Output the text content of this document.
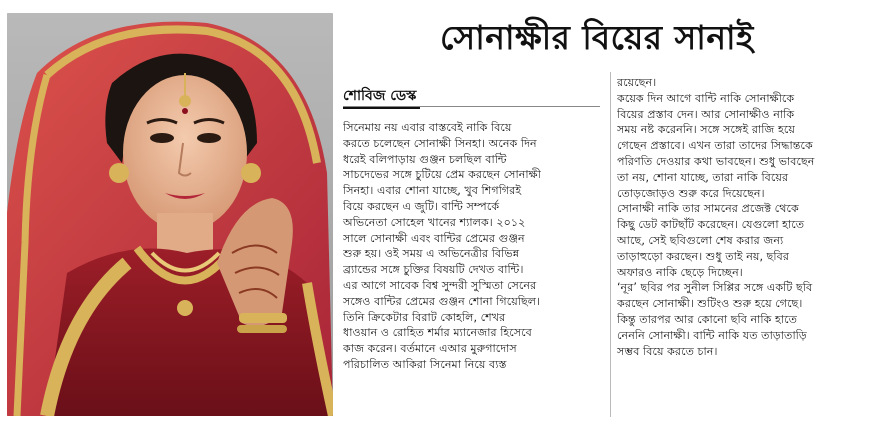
সোনাক্ষীর বিয়ের সানাই
শোবিজ ডেস্ক
সিনেমায় নয় এবার বাস্তবেই নাকি বিয়ে
করতে চলেছেন সোনাক্ষী সিনহা। অনেক দিন
ধরেই বলিপাড়ায় গুঞ্জন চলছিল বান্টি
সাচদেভের সঙ্গে চুটিয়ে প্রেম করছেন সোনাক্ষী
সিনহা। এবার শোনা যাচ্ছে, খুব শিগগিরই
বিয়ে করছেন এ জুটি। বান্টি সম্পর্কে
অভিনেতা সোহেল খানের শ্যালক। ২০১২
সালে সোনাক্ষী এবং বান্টির প্রেমের গুঞ্জন
শুরু হয়। ওই সময় এ অভিনেত্রীর বিভিন্ন
ব্র্যান্ডের সঙ্গে চুক্তির বিষয়টি দেখত বান্টি।
এর আগে সাবেক বিশ্ব সুন্দরী সুস্মিতা সেনের
সঙ্গেও বান্টির প্রেমের গুঞ্জন শোনা গিয়েছিল।
তিনি ক্রিকেটার বিরাট কোহলি, শেখর
ধাওয়ান ও রোহিত শর্মার ম্যানেজার হিসেবে
কাজ করেন। বর্তমানে এআর মুরুগাদোস
পরিচালিত আকিরা সিনেমা নিয়ে ব্যস্ত
রয়েছেন।
কয়েক দিন আগে বান্টি নাকি সোনাক্ষীকে
বিয়ের প্রস্তাব দেন। আর সোনাক্ষীও নাকি
সময় নষ্ট করেননি। সঙ্গে সঙ্গেই রাজি হয়ে
গেছেন প্রস্তাবে। এখন তারা তাদের সিদ্ধান্তকে
পরিণতি দেওয়ার কথা ভাবছেন। শুধু ভাবছেন
তা নয়, শোনা যাচ্ছে, তারা নাকি বিয়ের
তোড়জোড়ও শুরু করে দিয়েছেন।
সোনাক্ষী নাকি তার সামনের প্রজেক্ট থেকে
কিছু ডেট কাটছাঁট করেছেন। যেগুলো হাতে
আছে, সেই ছবিগুলো শেষ করার জন্য
তাড়াহুড়ো করছেন। শুধু তাই নয়, ছবির
অফারও নাকি ছেড়ে দিচ্ছেন।
‘নূর’ ছবির পর সুনীল সিপ্পির সঙ্গে একটি ছবি
করছেন সোনাক্ষী। শুটিংও শুরু হয়ে গেছে।
কিন্তু তারপর আর কোনো ছবি নাকি হাতে
নেননি সোনাক্ষী। বান্টি নাকি যত তাড়াতাড়ি
সম্ভব বিয়ে করতে চান।
